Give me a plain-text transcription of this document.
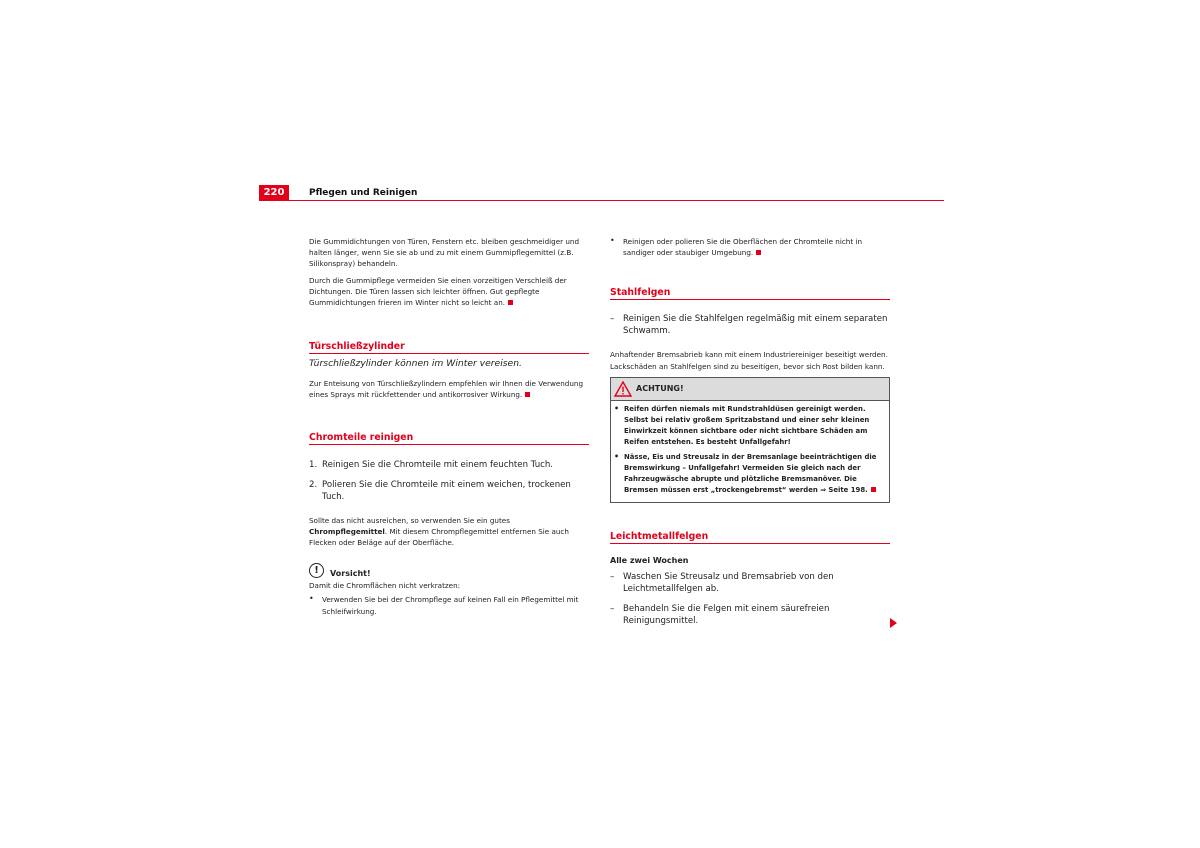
220	Pflegen und Reinigen

Die Gummidichtungen von Türen, Fenstern etc. bleiben geschmeidiger und halten länger, wenn Sie sie ab und zu mit einem Gummipflegemittel (z.B. Silikonspray) behandeln.

Durch die Gummipflege vermeiden Sie einen vorzeitigen Verschleiß der Dichtungen. Die Türen lassen sich leichter öffnen. Gut gepflegte Gummidichtungen frieren im Winter nicht so leicht an.

Türschließzylinder
Türschließzylinder können im Winter vereisen.

Zur Enteisung von Türschließzylindern empfehlen wir Ihnen die Verwendung eines Sprays mit rückfettender und antikorrosiver Wirkung.

Chromteile reinigen
1. Reinigen Sie die Chromteile mit einem feuchten Tuch.
2. Polieren Sie die Chromteile mit einem weichen, trockenen Tuch.

Sollte das nicht ausreichen, so verwenden Sie ein gutes Chrompflegemittel. Mit diesem Chrompflegemittel entfernen Sie auch Flecken oder Beläge auf der Oberfläche.

!	Vorsicht!

Damit die Chromflächen nicht verkratzen:

•	Verwenden Sie bei der Chrompflege auf keinen Fall ein Pflegemittel mit Schleifwirkung.
•	Reinigen oder polieren Sie die Oberflächen der Chromteile nicht in sandiger oder staubiger Umgebung.
Stahlfelgen
–	Reinigen Sie die Stahlfelgen regelmäßig mit einem separaten Schwamm.

Anhaftender Bremsabrieb kann mit einem Industriereiniger beseitigt werden. Lackschäden an Stahlfelgen sind zu beseitigen, bevor sich Rost bilden kann.

ACHTUNG!
• Reifen dürfen niemals mit Rundstrahldüsen gereinigt werden. Selbst bei relativ großem Spritzabstand und einer sehr kleinen Einwirkzeit können sichtbare oder nicht sichtbare Schäden am Reifen entstehen. Es besteht Unfallgefahr!
• Nässe, Eis und Streusalz in der Bremsanlage beeinträchtigen die Bremswirkung – Unfallgefahr! Vermeiden Sie gleich nach der Fahrzeugwäsche abrupte und plötzliche Bremsmanöver. Die Bremsen müssen erst „trockengebremst“ werden ⇒ Seite 198.
Leichtmetallfelgen

Alle zwei Wochen

–	Waschen Sie Streusalz und Bremsabrieb von den Leichtmetallfelgen ab.
–	Behandeln Sie die Felgen mit einem säurefreien Reinigungsmittel.
